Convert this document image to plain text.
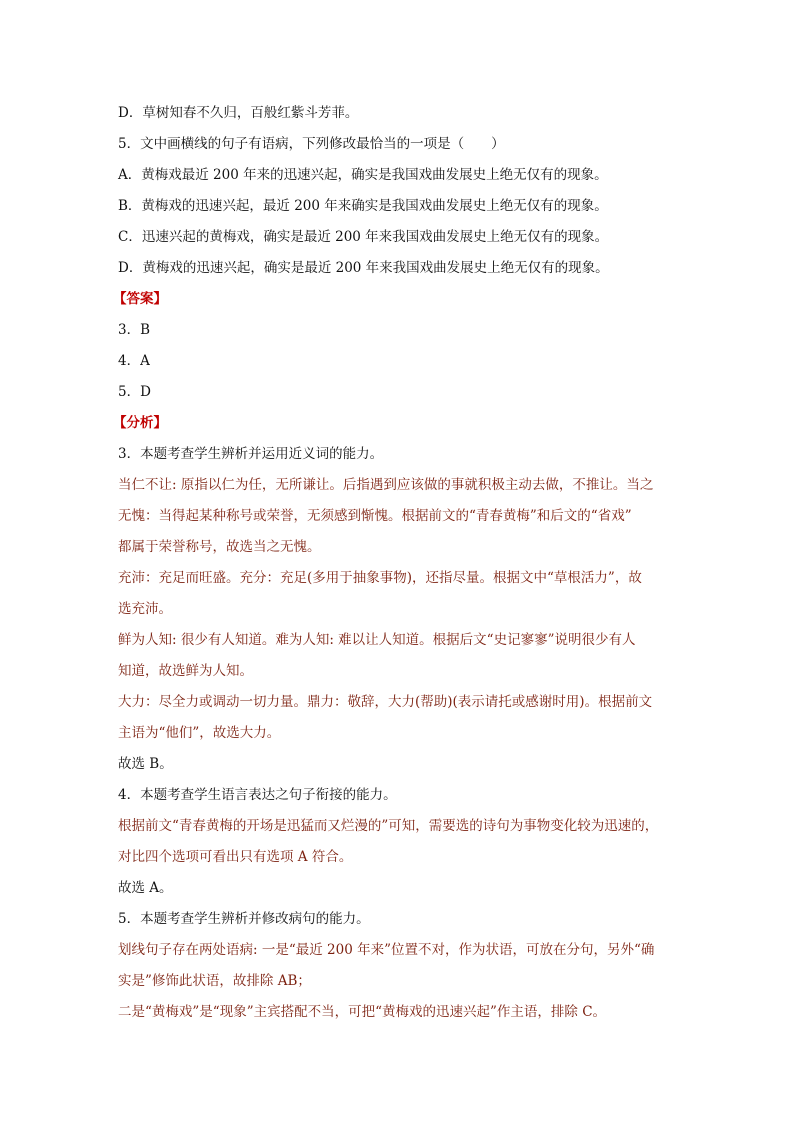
D．草树知春不久归，百般红紫斗芳菲。

5．文中画横线的句子有语病，下列修改最恰当的一项是（　　）

A．黄梅戏最近 200 年来的迅速兴起，确实是我国戏曲发展史上绝无仅有的现象。

B．黄梅戏的迅速兴起，最近 200 年来确实是我国戏曲发展史上绝无仅有的现象。

C．迅速兴起的黄梅戏，确实是最近 200 年来我国戏曲发展史上绝无仅有的现象。

D．黄梅戏的迅速兴起，确实是最近 200 年来我国戏曲发展史上绝无仅有的现象。

【答案】

3．B

4．A

5．D

【分析】

3．本题考查学生辨析并运用近义词的能力。

当仁不让: 原指以仁为任，无所谦让。后指遇到应该做的事就积极主动去做，不推让。当之

无愧：当得起某种称号或荣誉，无须感到惭愧。根据前文的“青春黄梅”和后文的“省戏”

都属于荣誉称号，故选当之无愧。

充沛：充足而旺盛。充分：充足(多用于抽象事物)，还指尽量。根据文中“草根活力”，故

选充沛。

鲜为人知: 很少有人知道。难为人知: 难以让人知道。根据后文“史记寥寥”说明很少有人

知道，故选鲜为人知。

大力：尽全力或调动一切力量。鼎力：敬辞，大力(帮助)(表示请托或感谢时用)。根据前文

主语为“他们”，故选大力。

故选 B。

4．本题考查学生语言表达之句子衔接的能力。

根据前文“青春黄梅的开场是迅猛而又烂漫的”可知，需要选的诗句为事物变化较为迅速的，

对比四个选项可看出只有选项 A 符合。

故选 A。

5．本题考查学生辨析并修改病句的能力。

划线句子存在两处语病: 一是“最近 200 年来”位置不对，作为状语，可放在分句，另外“确

实是”修饰此状语，故排除 AB；

二是“黄梅戏”是“现象”主宾搭配不当，可把“黄梅戏的迅速兴起”作主语，排除 C。
